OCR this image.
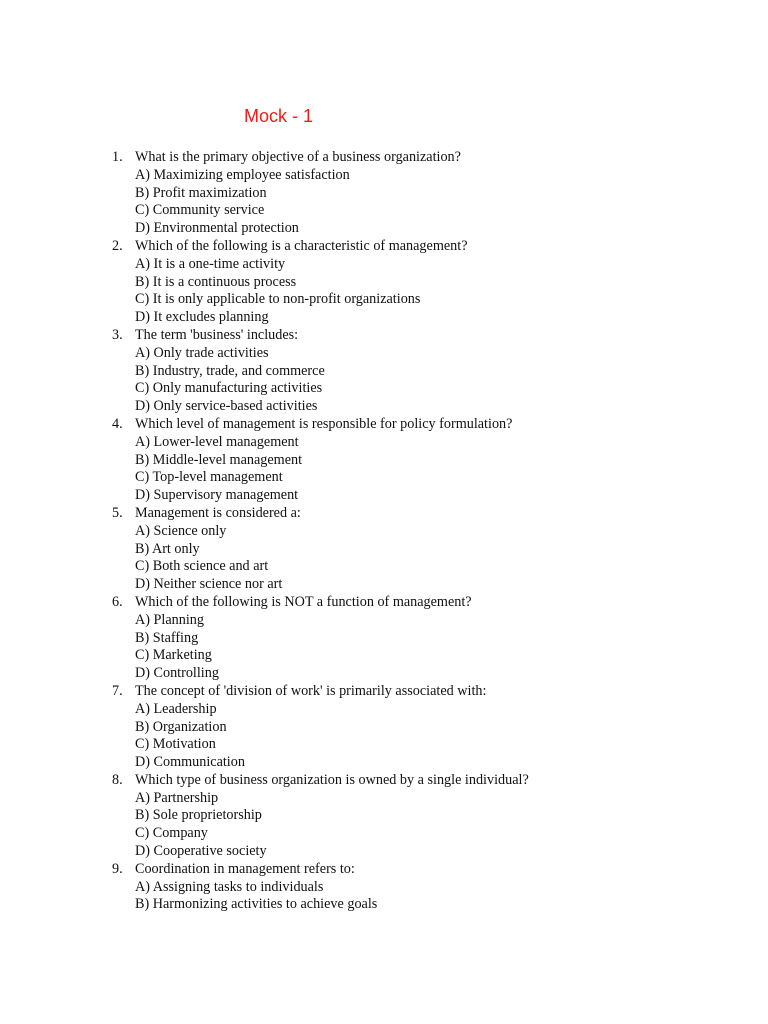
Mock - 1
1. What is the primary objective of a business organization?
A) Maximizing employee satisfaction
B) Profit maximization
C) Community service
D) Environmental protection
2. Which of the following is a characteristic of management?
A) It is a one-time activity
B) It is a continuous process
C) It is only applicable to non-profit organizations
D) It excludes planning
3. The term 'business' includes:
A) Only trade activities
B) Industry, trade, and commerce
C) Only manufacturing activities
D) Only service-based activities
4. Which level of management is responsible for policy formulation?
A) Lower-level management
B) Middle-level management
C) Top-level management
D) Supervisory management
5. Management is considered a:
A) Science only
B) Art only
C) Both science and art
D) Neither science nor art
6. Which of the following is NOT a function of management?
A) Planning
B) Staffing
C) Marketing
D) Controlling
7. The concept of 'division of work' is primarily associated with:
A) Leadership
B) Organization
C) Motivation
D) Communication
8. Which type of business organization is owned by a single individual?
A) Partnership
B) Sole proprietorship
C) Company
D) Cooperative society
9. Coordination in management refers to:
A) Assigning tasks to individuals
B) Harmonizing activities to achieve goals
